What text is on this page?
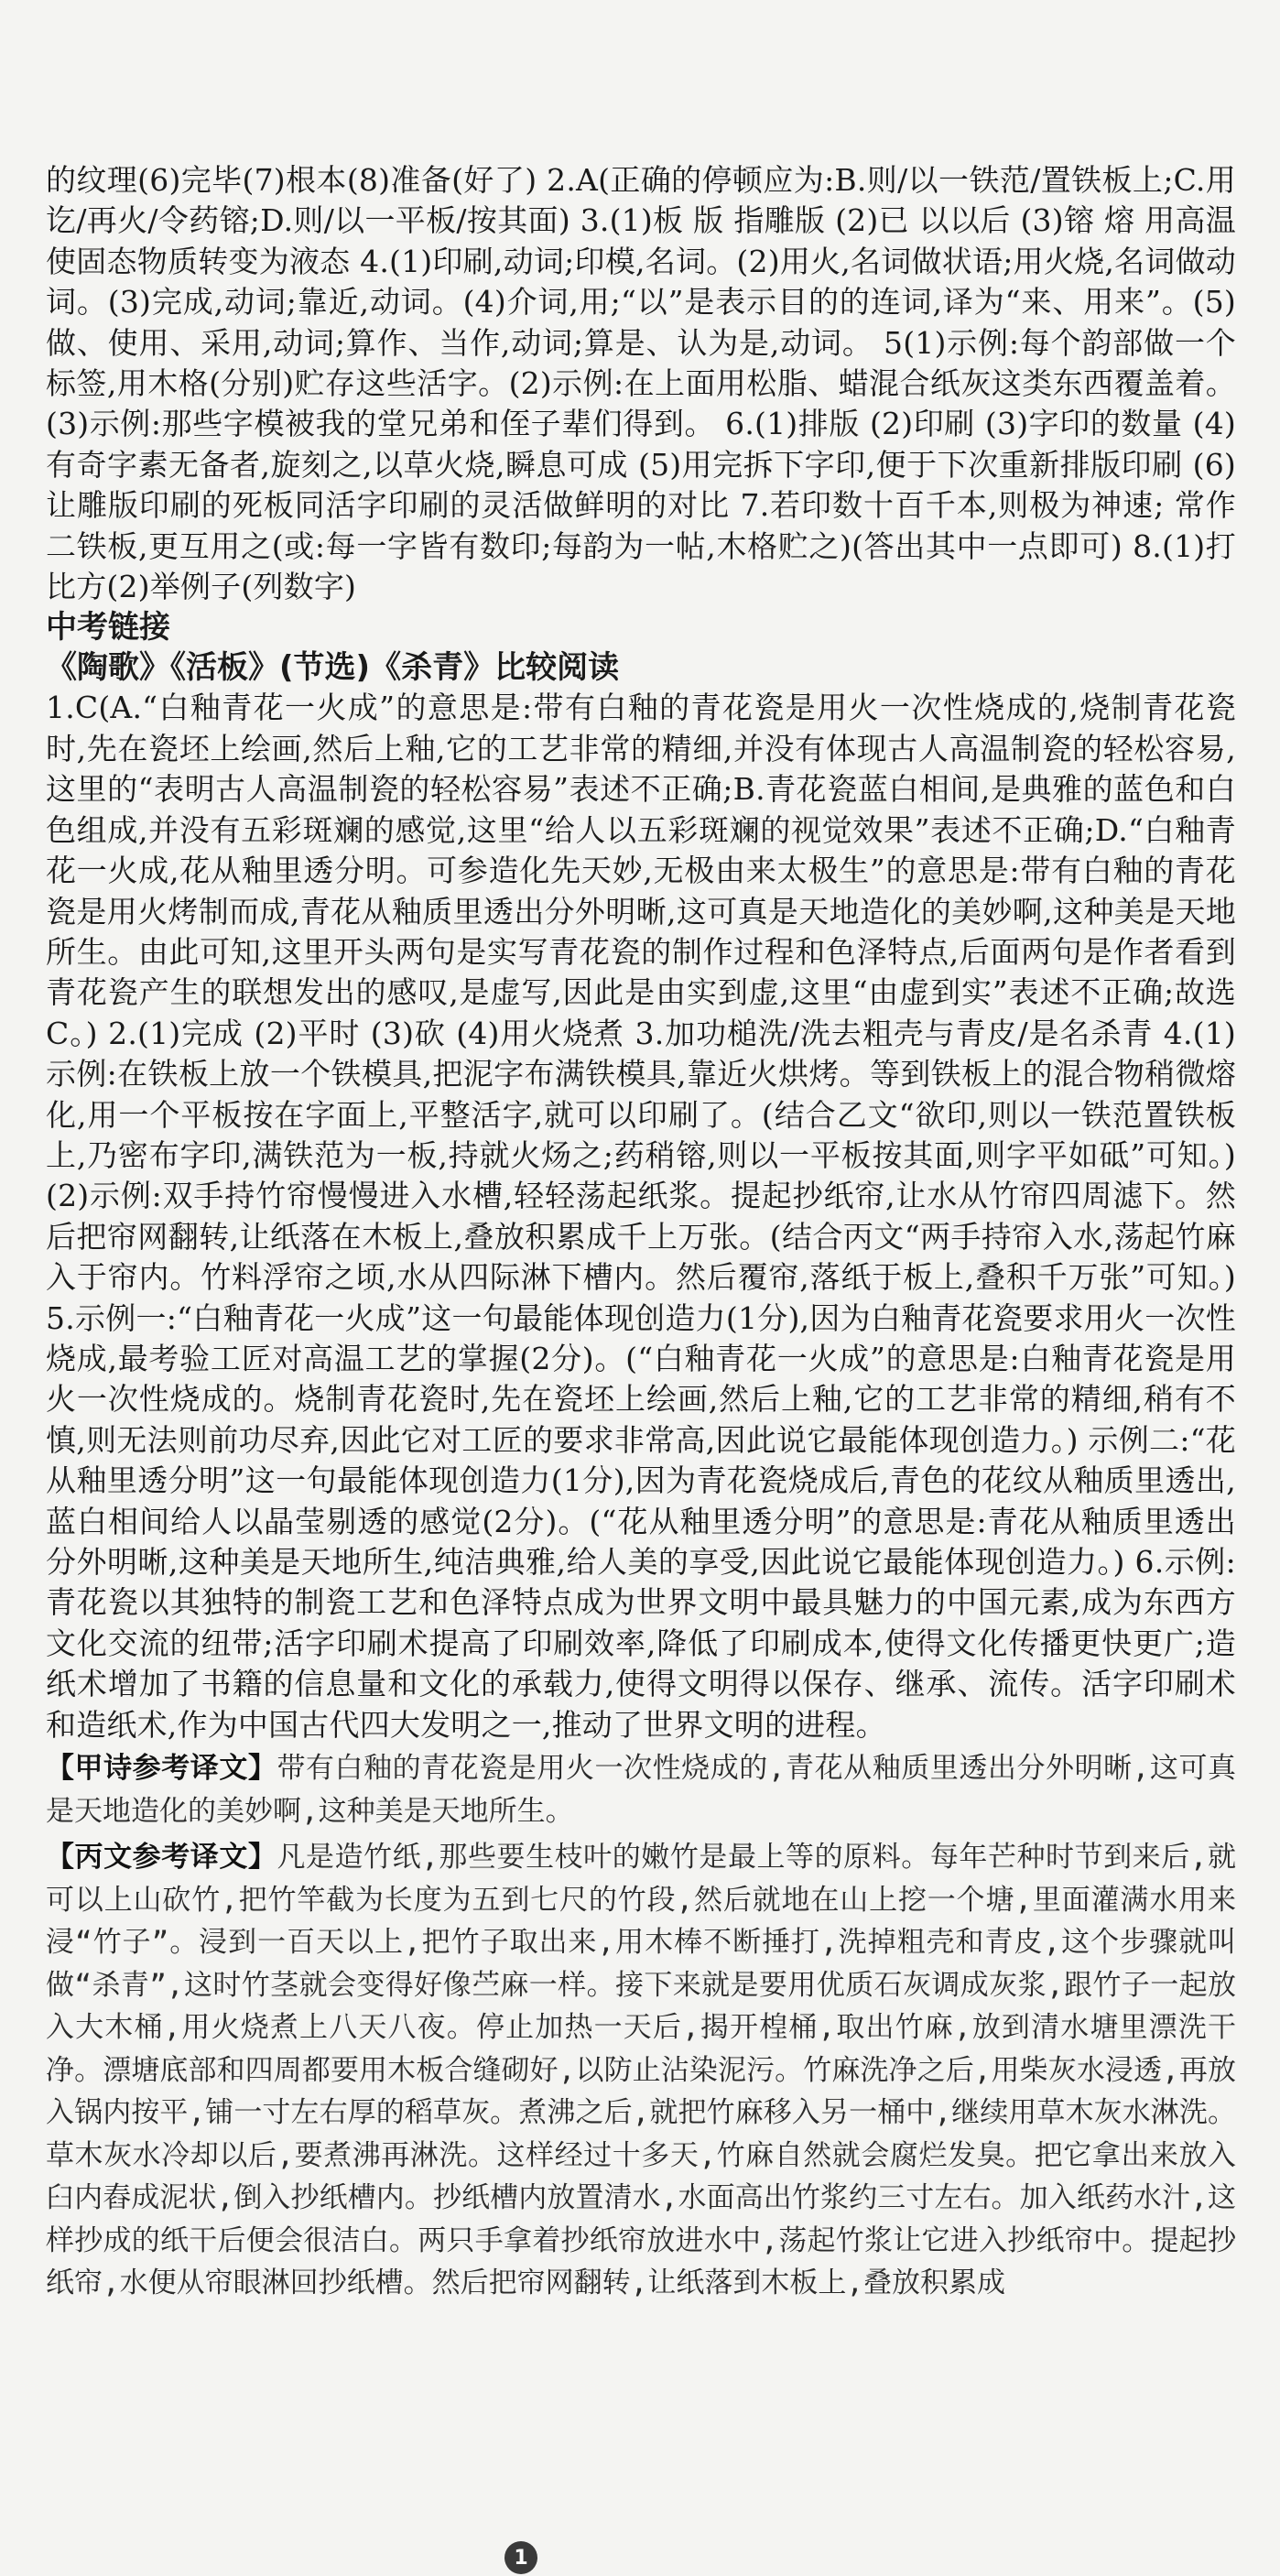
的纹理(6)完毕(7)根本(8)准备(好了) 2.A(正确的停顿应为:B.则/以一铁范/置铁板上;C.用讫/再火/令药镕;D.则/以一平板/按其面) 3.(1)板 版 指雕版 (2)已 以以后 (3)镕 熔 用高温使固态物质转变为液态 4.(1)印刷,动词;印模,名词。(2)用火,名词做状语;用火烧,名词做动词。(3)完成,动词;靠近,动词。(4)介词,用;“以”是表示目的的连词,译为“来、用来”。(5)做、使用、采用,动词;算作、当作,动词;算是、认为是,动词。 5(1)示例:每个韵部做一个标签,用木格(分别)贮存这些活字。(2)示例:在上面用松脂、蜡混合纸灰这类东西覆盖着。(3)示例:那些字模被我的堂兄弟和侄子辈们得到。 6.(1)排版 (2)印刷 (3)字印的数量 (4)有奇字素无备者,旋刻之,以草火烧,瞬息可成 (5)用完拆下字印,便于下次重新排版印刷 (6)让雕版印刷的死板同活字印刷的灵活做鲜明的对比 7.若印数十百千本,则极为神速; 常作二铁板,更互用之(或:每一字皆有数印;每韵为一帖,木格贮之)(答出其中一点即可) 8.(1)打比方(2)举例子(列数字)

中考链接

《陶歌》《活板》(节选)《杀青》比较阅读

1.C(A.“白釉青花一火成”的意思是:带有白釉的青花瓷是用火一次性烧成的,烧制青花瓷时,先在瓷坯上绘画,然后上釉,它的工艺非常的精细,并没有体现古人高温制瓷的轻松容易,这里的“表明古人高温制瓷的轻松容易”表述不正确;B.青花瓷蓝白相间,是典雅的蓝色和白色组成,并没有五彩斑斓的感觉,这里“给人以五彩斑斓的视觉效果”表述不正确;D.“白釉青花一火成,花从釉里透分明。可参造化先天妙,无极由来太极生”的意思是:带有白釉的青花瓷是用火烤制而成,青花从釉质里透出分外明晰,这可真是天地造化的美妙啊,这种美是天地所生。由此可知,这里开头两句是实写青花瓷的制作过程和色泽特点,后面两句是作者看到青花瓷产生的联想发出的感叹,是虚写,因此是由实到虚,这里“由虚到实”表述不正确;故选 C。) 2.(1)完成 (2)平时 (3)砍 (4)用火烧煮 3.加功槌洗/洗去粗壳与青皮/是名杀青 4.(1)示例:在铁板上放一个铁模具,把泥字布满铁模具,靠近火烘烤。等到铁板上的混合物稍微熔化,用一个平板按在字面上,平整活字,就可以印刷了。(结合乙文“欲印,则以一铁范置铁板上,乃密布字印,满铁范为一板,持就火炀之;药稍镕,则以一平板按其面,则字平如砥”可知。) (2)示例:双手持竹帘慢慢进入水槽,轻轻荡起纸浆。提起抄纸帘,让水从竹帘四周滤下。然后把帘网翻转,让纸落在木板上,叠放积累成千上万张。(结合丙文“两手持帘入水,荡起竹麻入于帘内。竹料浮帘之顷,水从四际淋下槽内。然后覆帘,落纸于板上,叠积千万张”可知。) 5.示例一:“白釉青花一火成”这一句最能体现创造力(1分),因为白釉青花瓷要求用火一次性烧成,最考验工匠对高温工艺的掌握(2分)。(“白釉青花一火成”的意思是:白釉青花瓷是用火一次性烧成的。烧制青花瓷时,先在瓷坯上绘画,然后上釉,它的工艺非常的精细,稍有不慎,则无法则前功尽弃,因此它对工匠的要求非常高,因此说它最能体现创造力。) 示例二:“花从釉里透分明”这一句最能体现创造力(1分),因为青花瓷烧成后,青色的花纹从釉质里透出,蓝白相间给人以晶莹剔透的感觉(2分)。(“花从釉里透分明”的意思是:青花从釉质里透出分外明晰,这种美是天地所生,纯洁典雅,给人美的享受,因此说它最能体现创造力。) 6.示例:青花瓷以其独特的制瓷工艺和色泽特点成为世界文明中最具魅力的中国元素,成为东西方文化交流的纽带;活字印刷术提高了印刷效率,降低了印刷成本,使得文化传播更快更广;造纸术增加了书籍的信息量和文化的承载力,使得文明得以保存、继承、流传。活字印刷术和造纸术,作为中国古代四大发明之一,推动了世界文明的进程。

【甲诗参考译文】带有白釉的青花瓷是用火一次性烧成的,青花从釉质里透出分外明晰,这可真是天地造化的美妙啊,这种美是天地所生。

【丙文参考译文】凡是造竹纸,那些要生枝叶的嫩竹是最上等的原料。每年芒种时节到来后,就可以上山砍竹,把竹竿截为长度为五到七尺的竹段,然后就地在山上挖一个塘,里面灌满水用来浸“竹子”。浸到一百天以上,把竹子取出来,用木棒不断捶打,洗掉粗壳和青皮,这个步骤就叫做“杀青”,这时竹茎就会变得好像苎麻一样。接下来就是要用优质石灰调成灰浆,跟竹子一起放入大木桶,用火烧煮上八天八夜。停止加热一天后,揭开楻桶,取出竹麻,放到清水塘里漂洗干净。漂塘底部和四周都要用木板合缝砌好,以防止沾染泥污。竹麻洗净之后,用柴灰水浸透,再放入锅内按平,铺一寸左右厚的稻草灰。煮沸之后,就把竹麻移入另一桶中,继续用草木灰水淋洗。草木灰水冷却以后,要煮沸再淋洗。这样经过十多天,竹麻自然就会腐烂发臭。把它拿出来放入臼内舂成泥状,倒入抄纸槽内。抄纸槽内放置清水,水面高出竹浆约三寸左右。加入纸药水汁,这样抄成的纸干后便会很洁白。两只手拿着抄纸帘放进水中,荡起竹浆让它进入抄纸帘中。提起抄纸帘,水便从帘眼淋回抄纸槽。然后把帘网翻转,让纸落到木板上,叠放积累成

1
